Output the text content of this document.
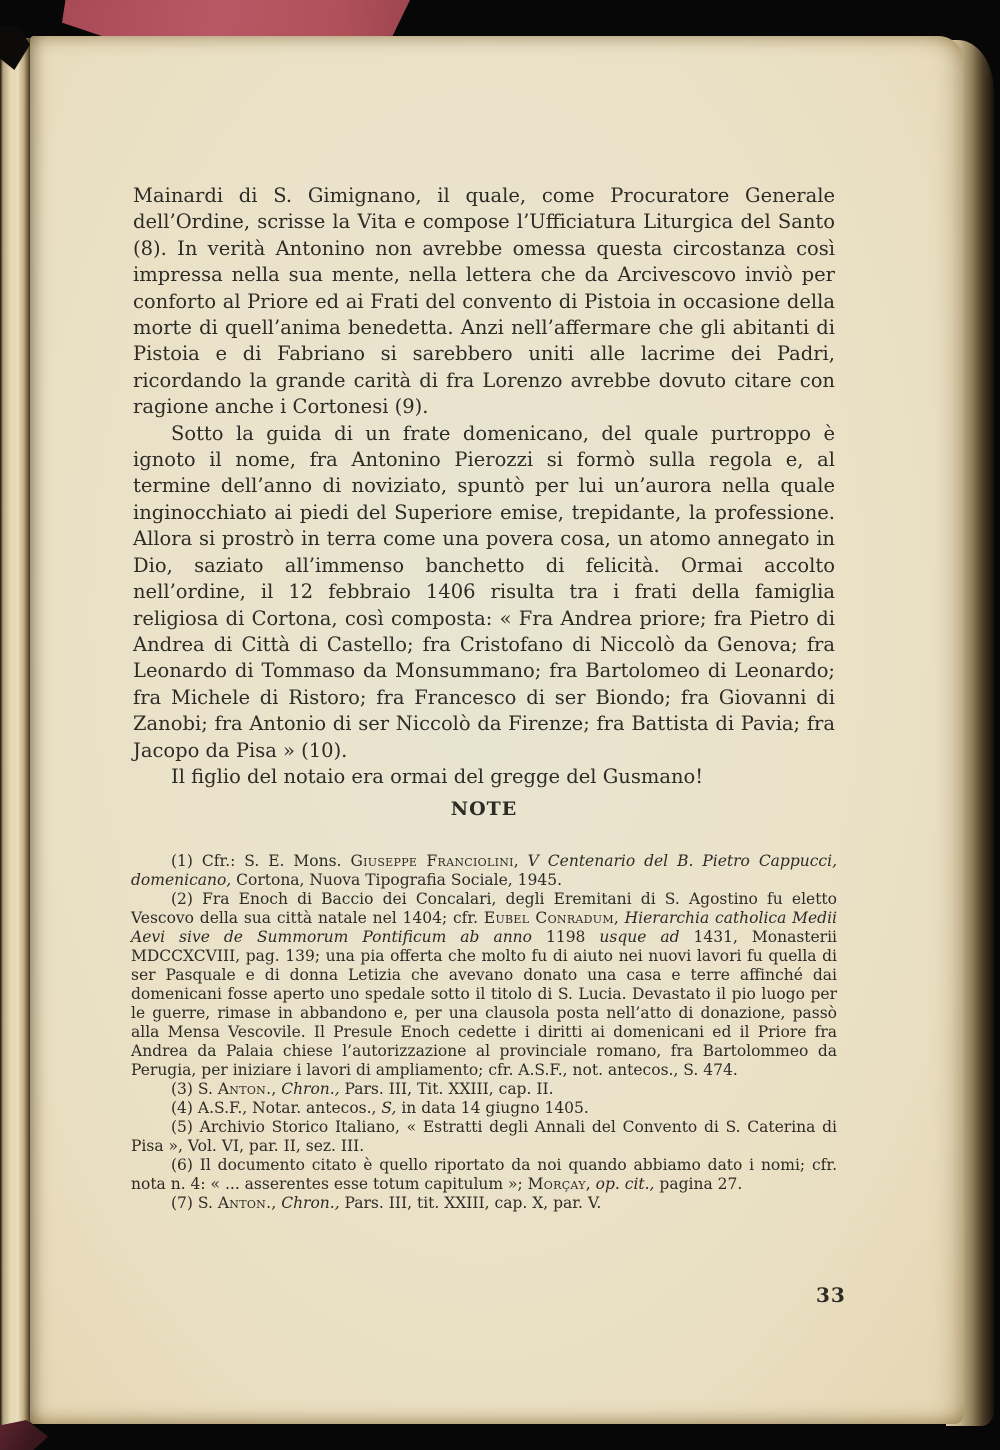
Mainardi di S. Gimignano, il quale, come Procuratore Generale dell’Ordine, scrisse la Vita e compose l’Ufficiatura Liturgica del Santo (8). In verità Antonino non avrebbe omessa questa circostanza così impressa nella sua mente, nella lettera che da Arcivescovo inviò per conforto al Priore ed ai Frati del convento di Pistoia in occasione della morte di quell’anima benedetta. Anzi nell’affermare che gli abitanti di Pistoia e di Fabriano si sarebbero uniti alle lacrime dei Padri, ricordando la grande carità di fra Lorenzo avrebbe dovuto citare con ragione anche i Cortonesi (9).

Sotto la guida di un frate domenicano, del quale purtroppo è ignoto il nome, fra Antonino Pierozzi si formò sulla regola e, al termine dell’anno di noviziato, spuntò per lui un’aurora nella quale inginocchiato ai piedi del Superiore emise, trepidante, la professione. Allora si prostrò in terra come una povera cosa, un atomo annegato in Dio, saziato all’immenso banchetto di felicità. Ormai accolto nell’ordine, il 12 febbraio 1406 risulta tra i frati della famiglia religiosa di Cortona, così composta: « Fra Andrea priore; fra Pietro di Andrea di Città di Castello; fra Cristofano di Niccolò da Genova; fra Leonardo di Tommaso da Monsummano; fra Bartolomeo di Leonardo; fra Michele di Ristoro; fra Francesco di ser Biondo; fra Giovanni di Zanobi; fra Antonio di ser Niccolò da Firenze; fra Battista di Pavia; fra Jacopo da Pisa » (10).

Il figlio del notaio era ormai del gregge del Gusmano!

NOTE

(1) Cfr.: S. E. Mons. Giuseppe Franciolini, V Centenario del B. Pietro Cappucci, domenicano, Cortona, Nuova Tipografia Sociale, 1945.

(2) Fra Enoch di Baccio dei Concalari, degli Eremitani di S. Agostino fu eletto Vescovo della sua città natale nel 1404; cfr. Eubel Conradum, Hierarchia catholica Medii Aevi sive de Summorum Pontificum ab anno 1198 usque ad 1431, Monasterii MDCCXCVIII, pag. 139; una pia offerta che molto fu di aiuto nei nuovi lavori fu quella di ser Pasquale e di donna Letizia che avevano donato una casa e terre affinché dai domenicani fosse aperto uno spedale sotto il titolo di S. Lucia. Devastato il pio luogo per le guerre, rimase in abbandono e, per una clausola posta nell’atto di donazione, passò alla Mensa Vescovile. Il Presule Enoch cedette i diritti ai domenicani ed il Priore fra Andrea da Palaia chiese l’autorizzazione al provinciale romano, fra Bartolommeo da Perugia, per iniziare i lavori di ampliamento; cfr. A.S.F., not. antecos., S. 474.

(3) S. Anton., Chron., Pars. III, Tit. XXIII, cap. II.

(4) A.S.F., Notar. antecos., S, in data 14 giugno 1405.

(5) Archivio Storico Italiano, « Estratti degli Annali del Convento di S. Caterina di Pisa », Vol. VI, par. II, sez. III.

(6) Il documento citato è quello riportato da noi quando abbiamo dato i nomi; cfr. nota n. 4: « ... asserentes esse totum capitulum »; Morçay, op. cit., pagina 27.

(7) S. Anton., Chron., Pars. III, tit. XXIII, cap. X, par. V.

33
